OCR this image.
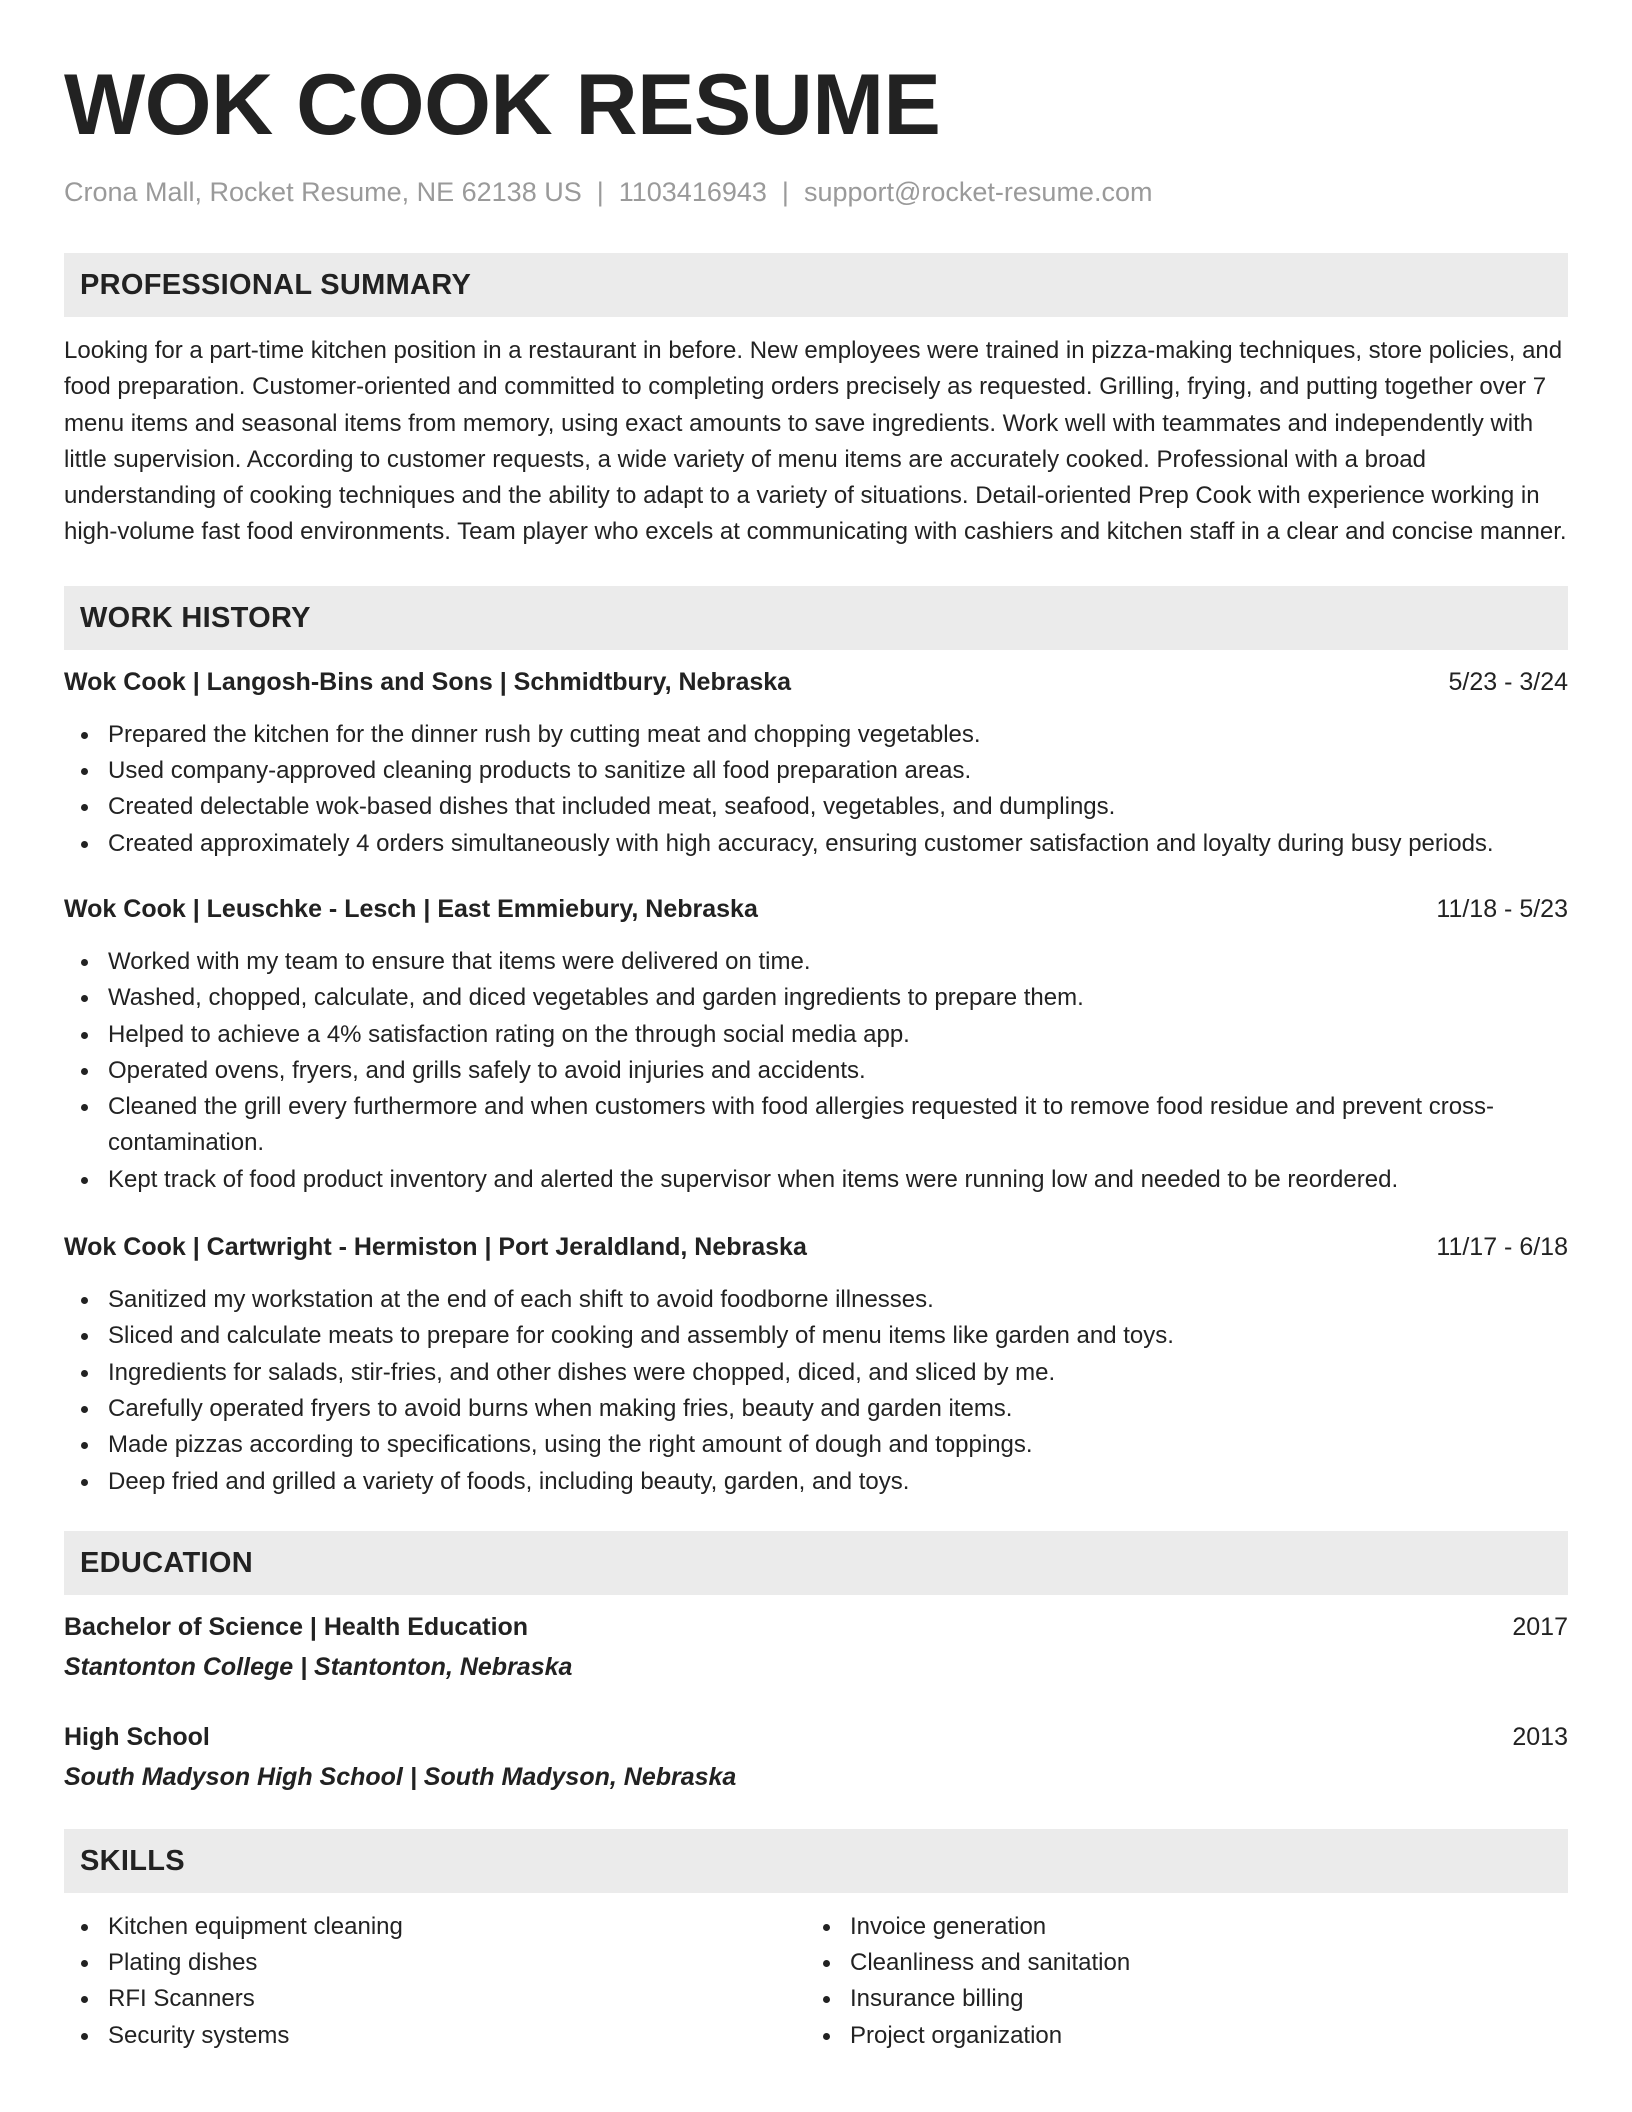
WOK COOK RESUME
Crona Mall, Rocket Resume, NE 62138 US | 1103416943 | support@rocket-resume.com
PROFESSIONAL SUMMARY
Looking for a part-time kitchen position in a restaurant in before. New employees were trained in pizza-making techniques, store policies, and food preparation. Customer-oriented and committed to completing orders precisely as requested. Grilling, frying, and putting together over 7 menu items and seasonal items from memory, using exact amounts to save ingredients. Work well with teammates and independently with little supervision. According to customer requests, a wide variety of menu items are accurately cooked. Professional with a broad understanding of cooking techniques and the ability to adapt to a variety of situations. Detail-oriented Prep Cook with experience working in high-volume fast food environments. Team player who excels at communicating with cashiers and kitchen staff in a clear and concise manner.
WORK HISTORY
Wok Cook | Langosh-Bins and Sons | Schmidtbury, Nebraska	5/23 - 3/24
Prepared the kitchen for the dinner rush by cutting meat and chopping vegetables.
Used company-approved cleaning products to sanitize all food preparation areas.
Created delectable wok-based dishes that included meat, seafood, vegetables, and dumplings.
Created approximately 4 orders simultaneously with high accuracy, ensuring customer satisfaction and loyalty during busy periods.
Wok Cook | Leuschke - Lesch | East Emmiebury, Nebraska	11/18 - 5/23
Worked with my team to ensure that items were delivered on time.
Washed, chopped, calculate, and diced vegetables and garden ingredients to prepare them.
Helped to achieve a 4% satisfaction rating on the through social media app.
Operated ovens, fryers, and grills safely to avoid injuries and accidents.
Cleaned the grill every furthermore and when customers with food allergies requested it to remove food residue and prevent cross-contamination.
Kept track of food product inventory and alerted the supervisor when items were running low and needed to be reordered.
Wok Cook | Cartwright - Hermiston | Port Jeraldland, Nebraska	11/17 - 6/18
Sanitized my workstation at the end of each shift to avoid foodborne illnesses.
Sliced and calculate meats to prepare for cooking and assembly of menu items like garden and toys.
Ingredients for salads, stir-fries, and other dishes were chopped, diced, and sliced by me.
Carefully operated fryers to avoid burns when making fries, beauty and garden items.
Made pizzas according to specifications, using the right amount of dough and toppings.
Deep fried and grilled a variety of foods, including beauty, garden, and toys.
EDUCATION
Bachelor of Science | Health Education	2017
Stantonton College | Stantonton, Nebraska
High School	2013
South Madyson High School | South Madyson, Nebraska
SKILLS
Kitchen equipment cleaning
Plating dishes
RFI Scanners
Security systems
Invoice generation
Cleanliness and sanitation
Insurance billing
Project organization
